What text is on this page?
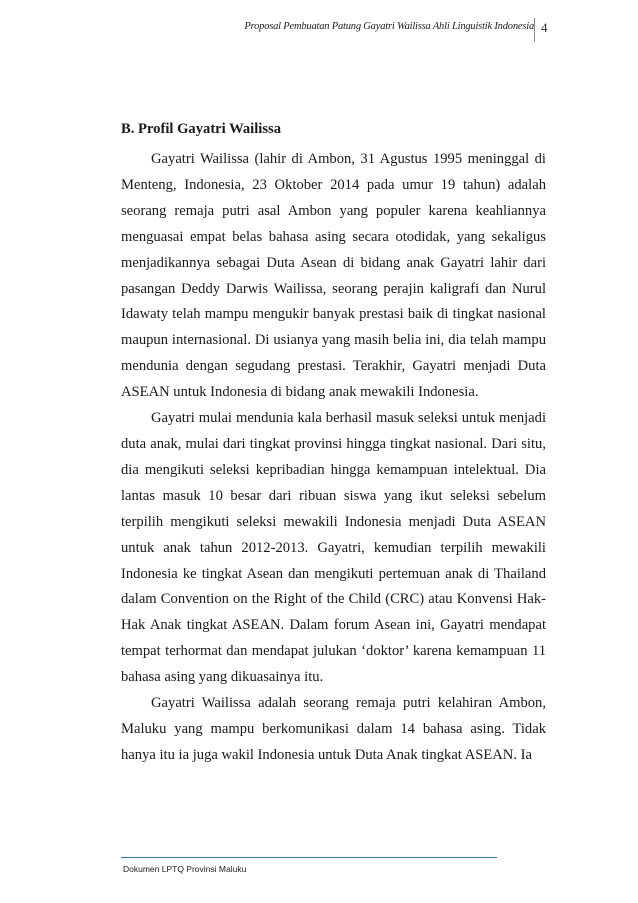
Proposal Pembuatan Patung Gayatri Wailissa Ahli Linguistik Indonesia 4
B. Profil Gayatri Wailissa

Gayatri Wailissa (lahir di Ambon, 31 Agustus 1995 meninggal di Menteng, Indonesia, 23 Oktober 2014 pada umur 19 tahun) adalah seorang remaja putri asal Ambon yang populer karena keahliannya menguasai empat belas bahasa asing secara otodidak, yang sekaligus menjadikannya sebagai Duta Asean di bidang anak Gayatri lahir dari pasangan Deddy Darwis Wailissa, seorang perajin kaligrafi dan Nurul Idawaty telah mampu mengukir banyak prestasi baik di tingkat nasional maupun internasional. Di usianya yang masih belia ini, dia telah mampu mendunia dengan segudang prestasi. Terakhir, Gayatri menjadi Duta ASEAN untuk Indonesia di bidang anak mewakili Indonesia.

Gayatri mulai mendunia kala berhasil masuk seleksi untuk menjadi duta anak, mulai dari tingkat provinsi hingga tingkat nasional. Dari situ, dia mengikuti seleksi kepribadian hingga kemampuan intelektual. Dia lantas masuk 10 besar dari ribuan siswa yang ikut seleksi sebelum terpilih mengikuti seleksi mewakili Indonesia menjadi Duta ASEAN untuk anak tahun 2012-2013. Gayatri, kemudian terpilih mewakili Indonesia ke tingkat Asean dan mengikuti pertemuan anak di Thailand dalam Convention on the Right of the Child (CRC) atau Konvensi Hak-Hak Anak tingkat ASEAN. Dalam forum Asean ini, Gayatri mendapat tempat terhormat dan mendapat julukan ‘doktor’ karena kemampuan 11 bahasa asing yang dikuasainya itu.

Gayatri Wailissa adalah seorang remaja putri kelahiran Ambon, Maluku yang mampu berkomunikasi dalam 14 bahasa asing. Tidak hanya itu ia juga wakil Indonesia untuk Duta Anak tingkat ASEAN. Ia

Dokumen LPTQ Provinsi Maluku
